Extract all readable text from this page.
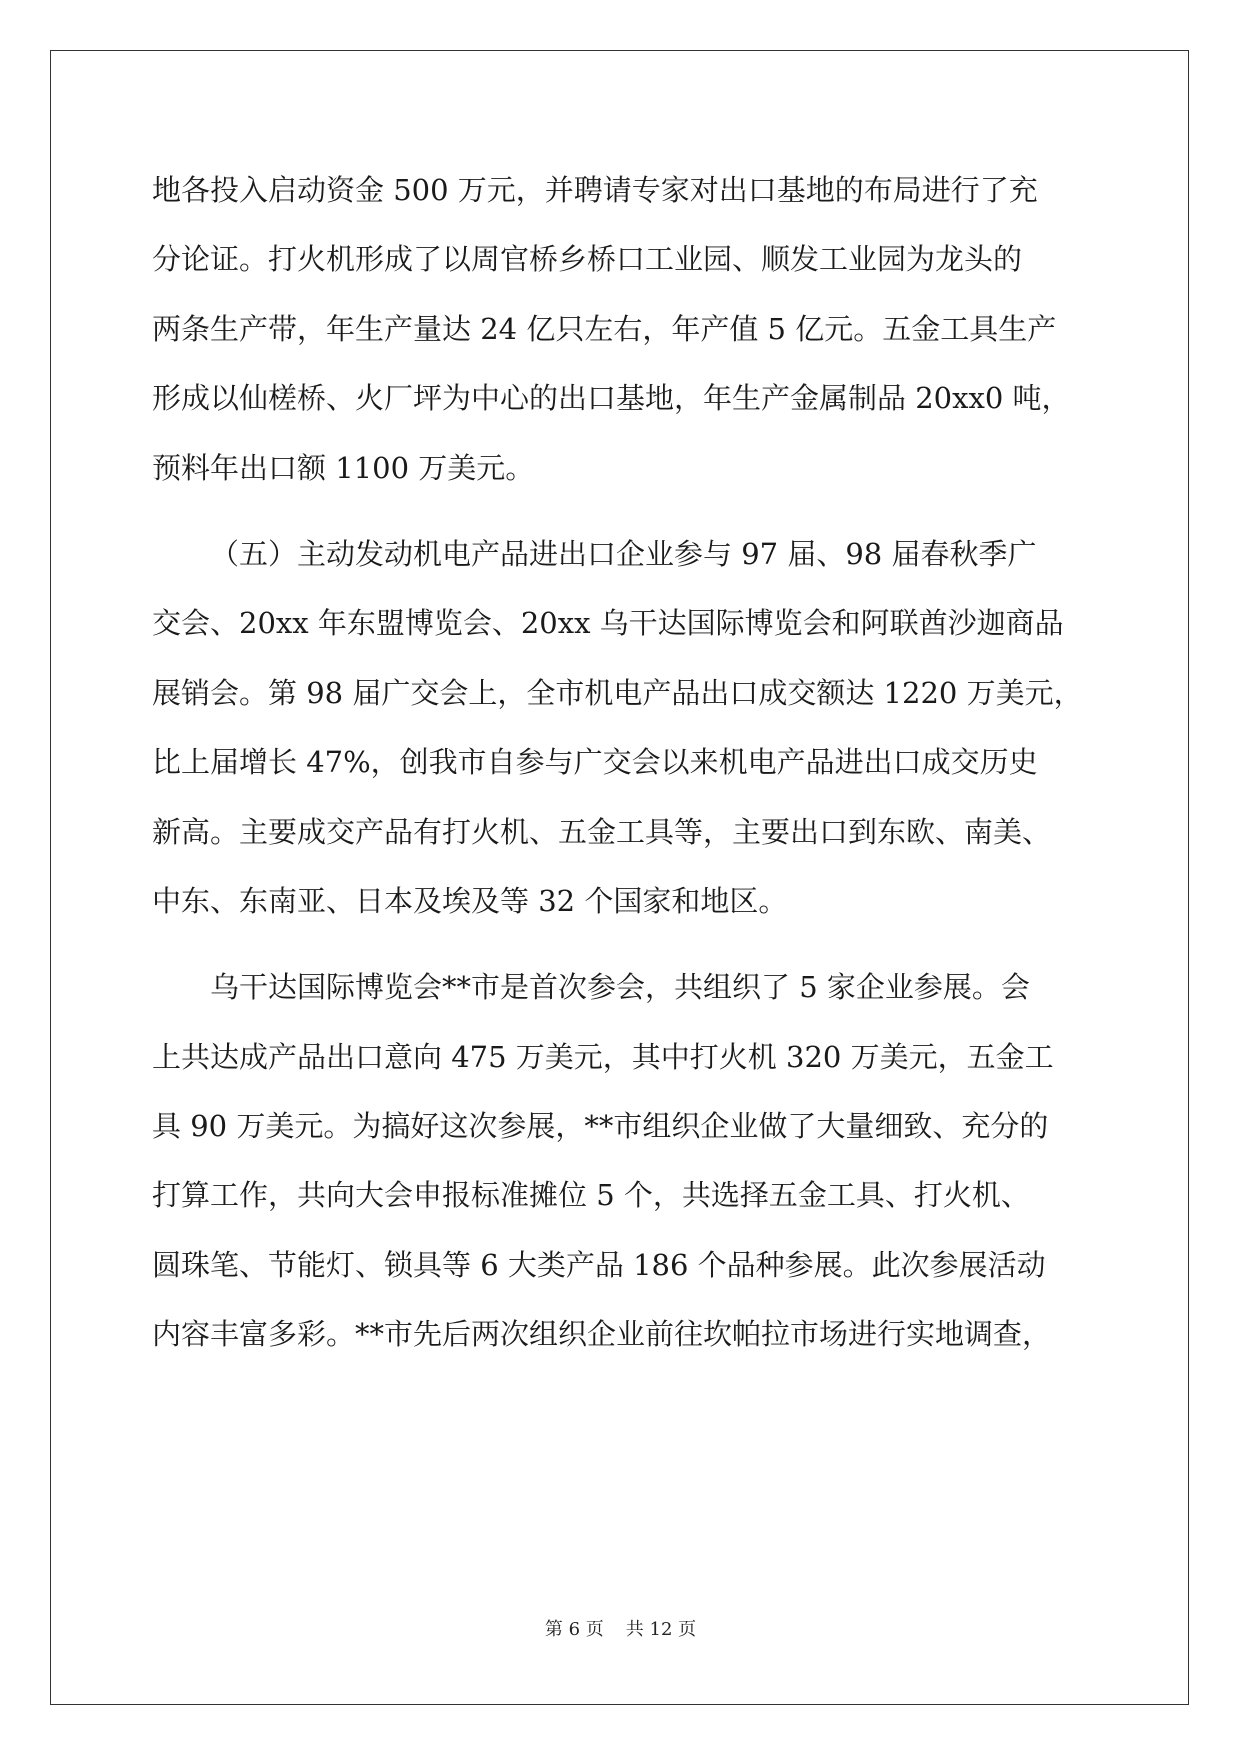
地各投入启动资金 500 万元，并聘请专家对出口基地的布局进行了充
分论证。打火机形成了以周官桥乡桥口工业园、顺发工业园为龙头的
两条生产带，年生产量达 24 亿只左右，年产值 5 亿元。五金工具生产
形成以仙槎桥、火厂坪为中心的出口基地，年生产金属制品 20xx0 吨，
预料年出口额 1100 万美元。
（五）主动发动机电产品进出口企业参与 97 届、98 届春秋季广
交会、20xx 年东盟博览会、20xx 乌干达国际博览会和阿联酋沙迦商品
展销会。第 98 届广交会上，全市机电产品出口成交额达 1220 万美元，
比上届增长 47%，创我市自参与广交会以来机电产品进出口成交历史
新高。主要成交产品有打火机、五金工具等，主要出口到东欧、南美、
中东、东南亚、日本及埃及等 32 个国家和地区。
乌干达国际博览会**市是首次参会，共组织了 5 家企业参展。会
上共达成产品出口意向 475 万美元，其中打火机 320 万美元，五金工
具 90 万美元。为搞好这次参展，**市组织企业做了大量细致、充分的
打算工作，共向大会申报标准摊位 5 个，共选择五金工具、打火机、
圆珠笔、节能灯、锁具等 6 大类产品 186 个品种参展。此次参展活动
内容丰富多彩。**市先后两次组织企业前往坎帕拉市场进行实地调查，
第 6 页 共 12 页
